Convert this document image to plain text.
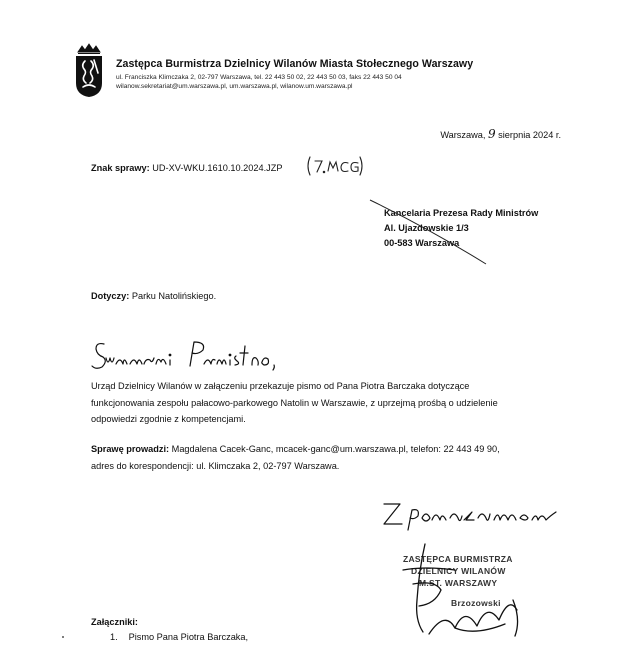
Zastępca Burmistrza Dzielnicy Wilanów Miasta Stołecznego Warszawy
ul. Franciszka Klimczaka 2, 02-797 Warszawa, tel. 22 443 50 02, 22 443 50 03, faks 22 443 50 04
wilanow.sekretariat@um.warszawa.pl, um.warszawa.pl, wilanow.um.warszawa.pl
Warszawa, 9 sierpnia 2024 r.
Znak sprawy: UD-XV-WKU.1610.10.2024.JZP
Kancelaria Prezesa Rady Ministrów
Al. Ujazdowskie 1/3
00-583 Warszawa
Dotyczy: Parku Natolińskiego.
Urząd Dzielnicy Wilanów w załączeniu przekazuje pismo od Pana Piotra Barczaka dotyczące
funkcjonowania zespołu pałacowo-parkowego Natolin w Warszawie, z uprzejmą prośbą o udzielenie
odpowiedzi zgodnie z kompetencjami.
Sprawę prowadzi: Magdalena Cacek-Ganc, mcacek-ganc@um.warszawa.pl, telefon: 22 443 49 90,
adres do korespondencji: ul. Klimczaka 2, 02-797 Warszawa.
ZASTĘPCA BURMISTRZA
DZIELNICY WILANÓW
M.ST. WARSZAWY
Brzozowski
Załączniki:
1. Pismo Pana Piotra Barczaka,
